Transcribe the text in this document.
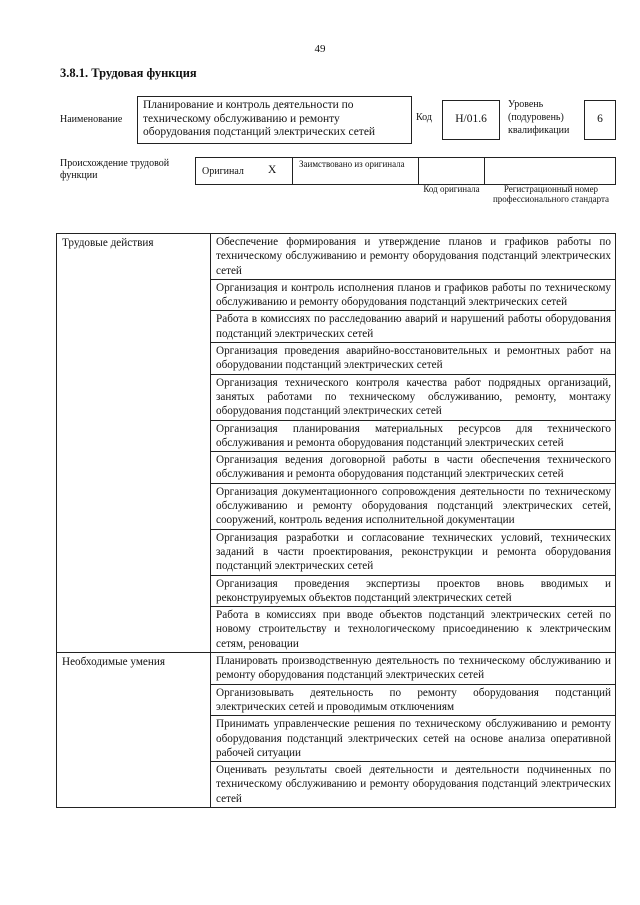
49
3.8.1. Трудовая функция
Наименование
Планирование и контроль деятельности по техническому обслуживанию и ремонту оборудования подстанций электрических сетей
Код H/01.6
Уровень (подуровень) квалификации
6
Происхождение трудовой функции	Оригинал X	Заимствовано из оригинала
Код оригинала	Регистрационный номер профессионального стандарта
Трудовые действия	Обеспечение формирования и утверждение планов и графиков работы по техническому обслуживанию и ремонту оборудования подстанций электрических сетей
	Организация и контроль исполнения планов и графиков работы по техническому обслуживанию и ремонту оборудования подстанций электрических сетей
	Работа в комиссиях по расследованию аварий и нарушений работы оборудования подстанций электрических сетей
	Организация проведения аварийно-восстановительных и ремонтных работ на оборудовании подстанций электрических сетей
	Организация технического контроля качества работ подрядных организаций, занятых работами по техническому обслуживанию, ремонту, монтажу оборудования подстанций электрических сетей
	Организация планирования материальных ресурсов для технического обслуживания и ремонта оборудования подстанций электрических сетей
	Организация ведения договорной работы в части обеспечения технического обслуживания и ремонта оборудования подстанций электрических сетей
	Организация документационного сопровождения деятельности по техническому обслуживанию и ремонту оборудования подстанций электрических сетей, сооружений, контроль ведения исполнительной документации
	Организация разработки и согласование технических условий, технических заданий в части проектирования, реконструкции и ремонта оборудования подстанций электрических сетей
	Организация проведения экспертизы проектов вновь вводимых и реконструируемых объектов подстанций электрических сетей
	Работа в комиссиях при вводе объектов подстанций электрических сетей по новому строительству и технологическому присоединению к электрическим сетям, реновации
Необходимые умения	Планировать производственную деятельность по техническому обслуживанию и ремонту оборудования подстанций электрических сетей
	Организовывать деятельность по ремонту оборудования подстанций электрических сетей и проводимым отключениям
	Принимать управленческие решения по техническому обслуживанию и ремонту оборудования подстанций электрических сетей на основе анализа оперативной рабочей ситуации
	Оценивать результаты своей деятельности и деятельности подчиненных по техническому обслуживанию и ремонту оборудования подстанций электрических сетей
